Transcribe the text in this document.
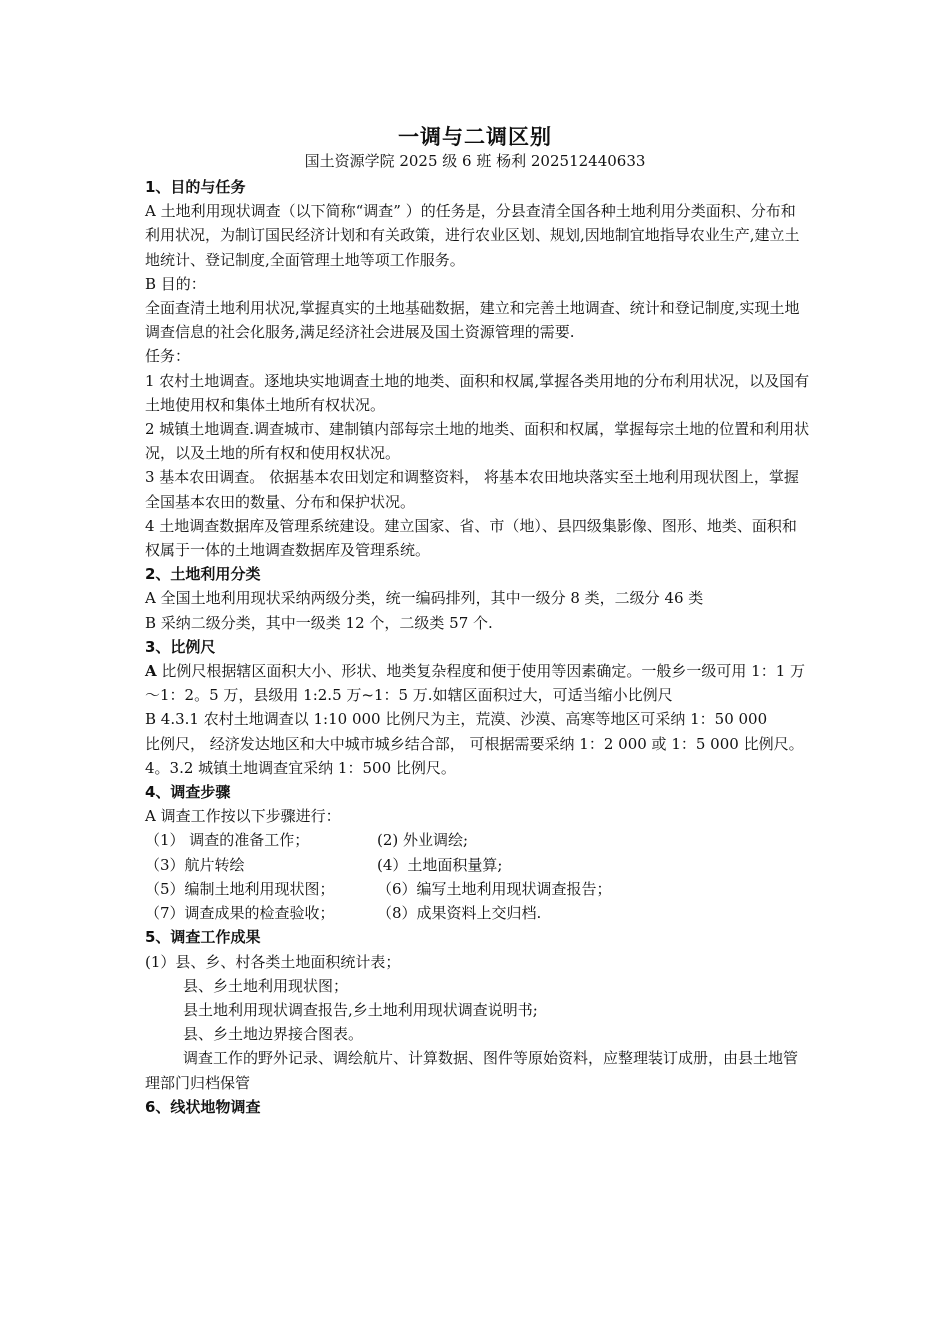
一调与二调区别
国土资源学院 2025 级 6 班 杨利 202512440633

1、目的与任务

A 土地利用现状调查（以下简称“调查” ）的任务是，分县查清全国各种土地利用分类面积、分布和利用状况，为制订国民经济计划和有关政策，进行农业区划、规划,因地制宜地指导农业生产,建立土地统计、登记制度,全面管理土地等项工作服务。

B 目的：

全面查清土地利用状况,掌握真实的土地基础数据，建立和完善土地调查、统计和登记制度,实现土地调查信息的社会化服务,满足经济社会进展及国土资源管理的需要.

任务：

1 农村土地调查。逐地块实地调查土地的地类、面积和权属,掌握各类用地的分布利用状况，以及国有土地使用权和集体土地所有权状况。

2 城镇土地调查.调查城市、建制镇内部每宗土地的地类、面积和权属，掌握每宗土地的位置和利用状况，以及土地的所有权和使用权状况。

3 基本农田调查。 依据基本农田划定和调整资料， 将基本农田地块落实至土地利用现状图上，掌握全国基本农田的数量、分布和保护状况。

4 土地调查数据库及管理系统建设。建立国家、省、市（地）、县四级集影像、图形、地类、面积和权属于一体的土地调查数据库及管理系统。

2、土地利用分类

A 全国土地利用现状采纳两级分类，统一编码排列，其中一级分 8 类，二级分 46 类

B 采纳二级分类，其中一级类 12 个，二级类 57 个.

3、比例尺

A 比例尺根据辖区面积大小、形状、地类复杂程度和便于使用等因素确定。一般乡一级可用 1：1 万～1：2。5 万，县级用 1:2.5 万~1：5 万.如辖区面积过大，可适当缩小比例尺

B 4.3.1 农村土地调查以 1:10 000 比例尺为主，荒漠、沙漠、高寒等地区可采纳 1：50 000

比例尺， 经济发达地区和大中城市城乡结合部， 可根据需要采纳 1：2 000 或 1：5 000 比例尺。

4。3.2 城镇土地调查宜采纳 1：500 比例尺。

4、调查步骤

A 调查工作按以下步骤进行：

（1） 调查的准备工作；	(2) 外业调绘;

（3）航片转绘	(4）土地面积量算;

（5）编制土地利用现状图；	（6）编写土地利用现状调查报告；

（7）调查成果的检查验收；	（8）成果资料上交归档.

5、调查工作成果

(1）县、乡、村各类土地面积统计表；

县、乡土地利用现状图；

县土地利用现状调查报告,乡土地利用现状调查说明书;

县、乡土地边界接合图表。

调查工作的野外记录、调绘航片、计算数据、图件等原始资料，应整理装订成册，由县土地管理部门归档保管

6、线状地物调查
